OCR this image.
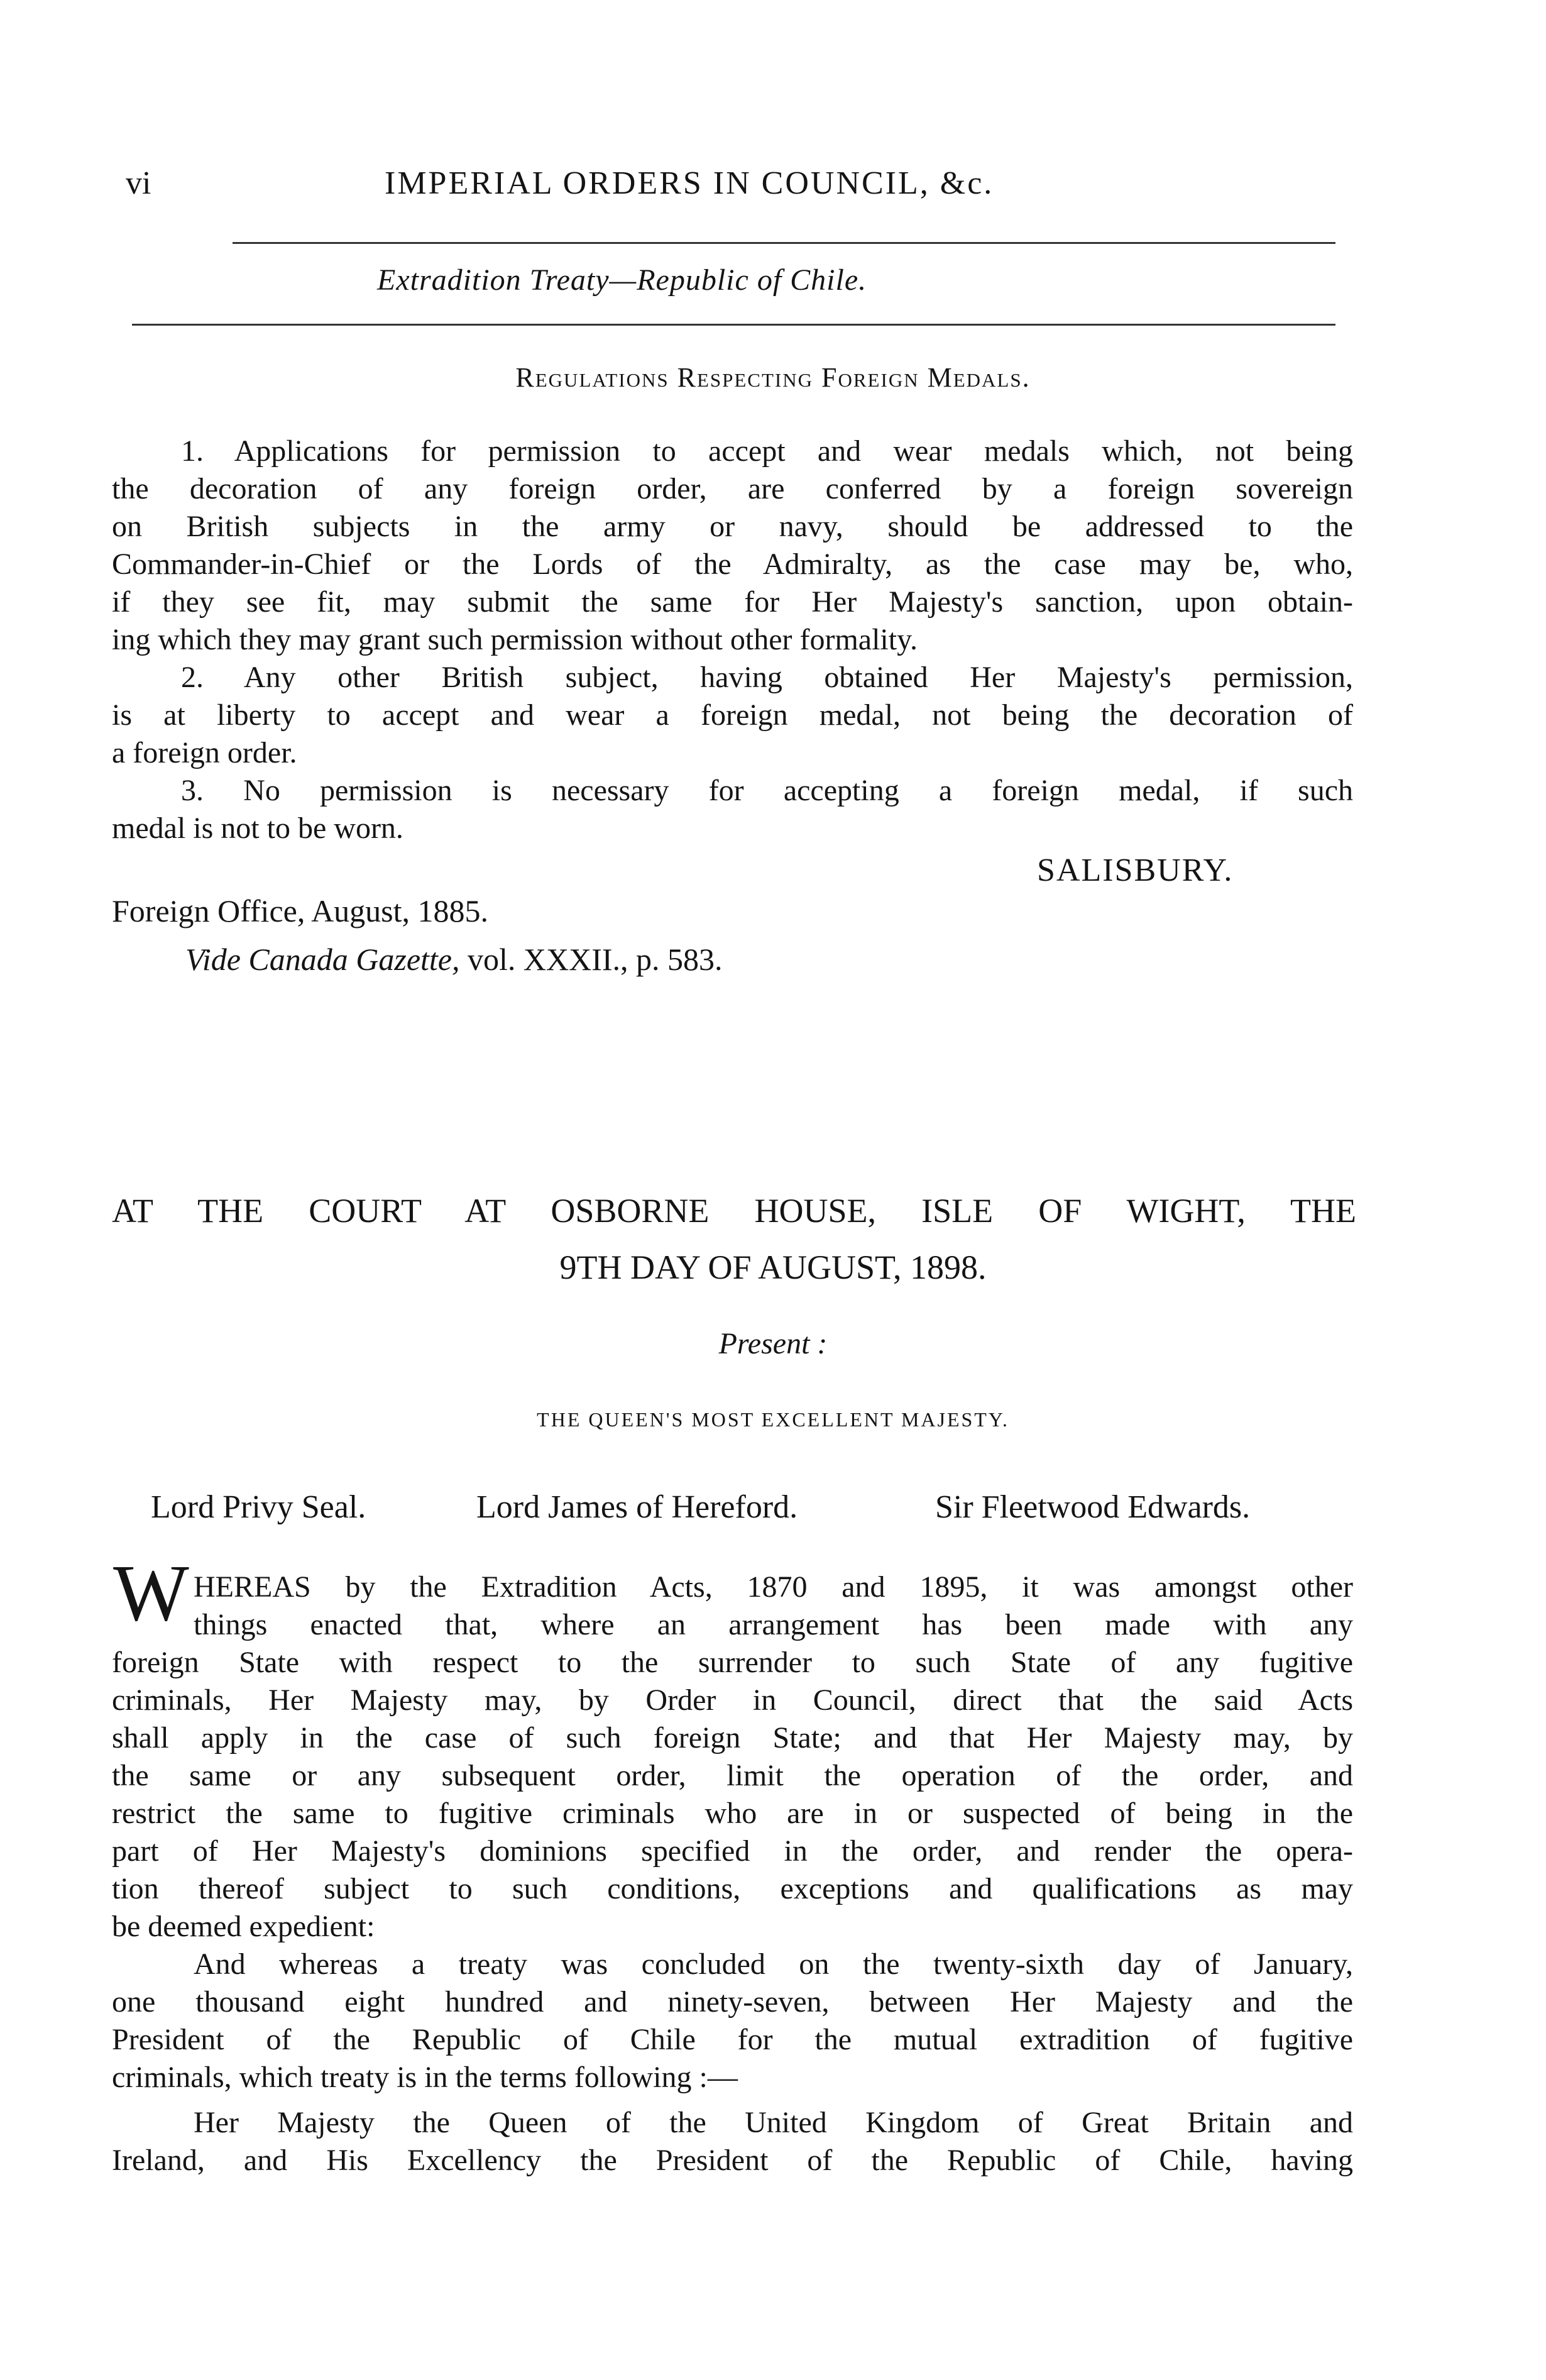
vi	IMPERIAL ORDERS IN COUNCIL, &c.
Extradition Treaty—Republic of Chile.
Regulations Respecting Foreign Medals.

1. Applications for permission to accept and wear medals which, not being

the decoration of any foreign order, are conferred by a foreign sovereign

on British subjects in the army or navy, should be addressed to the

Commander-in-Chief or the Lords of the Admiralty, as the case may be, who,

if they see fit, may submit the same for Her Majesty's sanction, upon obtain-

ing which they may grant such permission without other formality.

2. Any other British subject, having obtained Her Majesty's permission,

is at liberty to accept and wear a foreign medal, not being the decoration of

a foreign order.

3. No permission is necessary for accepting a foreign medal, if such

medal is not to be worn.

SALISBURY.
Foreign Office, August, 1885.
Vide Canada Gazette, vol. XXXII., p. 583.
AT THE COURT AT OSBORNE HOUSE, ISLE OF WIGHT, THE
9TH DAY OF AUGUST, 1898.
Present :
THE QUEEN'S MOST EXCELLENT MAJESTY.
Lord Privy Seal.	Lord James of Hereford.	Sir Fleetwood Edwards.
W HEREAS by the Extradition Acts, 1870 and 1895, it was amongst other

things enacted that, where an arrangement has been made with any

foreign State with respect to the surrender to such State of any fugitive

criminals, Her Majesty may, by Order in Council, direct that the said Acts

shall apply in the case of such foreign State; and that Her Majesty may, by

the same or any subsequent order, limit the operation of the order, and

restrict the same to fugitive criminals who are in or suspected of being in the

part of Her Majesty's dominions specified in the order, and render the opera-

tion thereof subject to such conditions, exceptions and qualifications as may

be deemed expedient:

And whereas a treaty was concluded on the twenty-sixth day of January,

one thousand eight hundred and ninety-seven, between Her Majesty and the

President of the Republic of Chile for the mutual extradition of fugitive

criminals, which treaty is in the terms following :—

Her Majesty the Queen of the United Kingdom of Great Britain and

Ireland, and His Excellency the President of the Republic of Chile, having
